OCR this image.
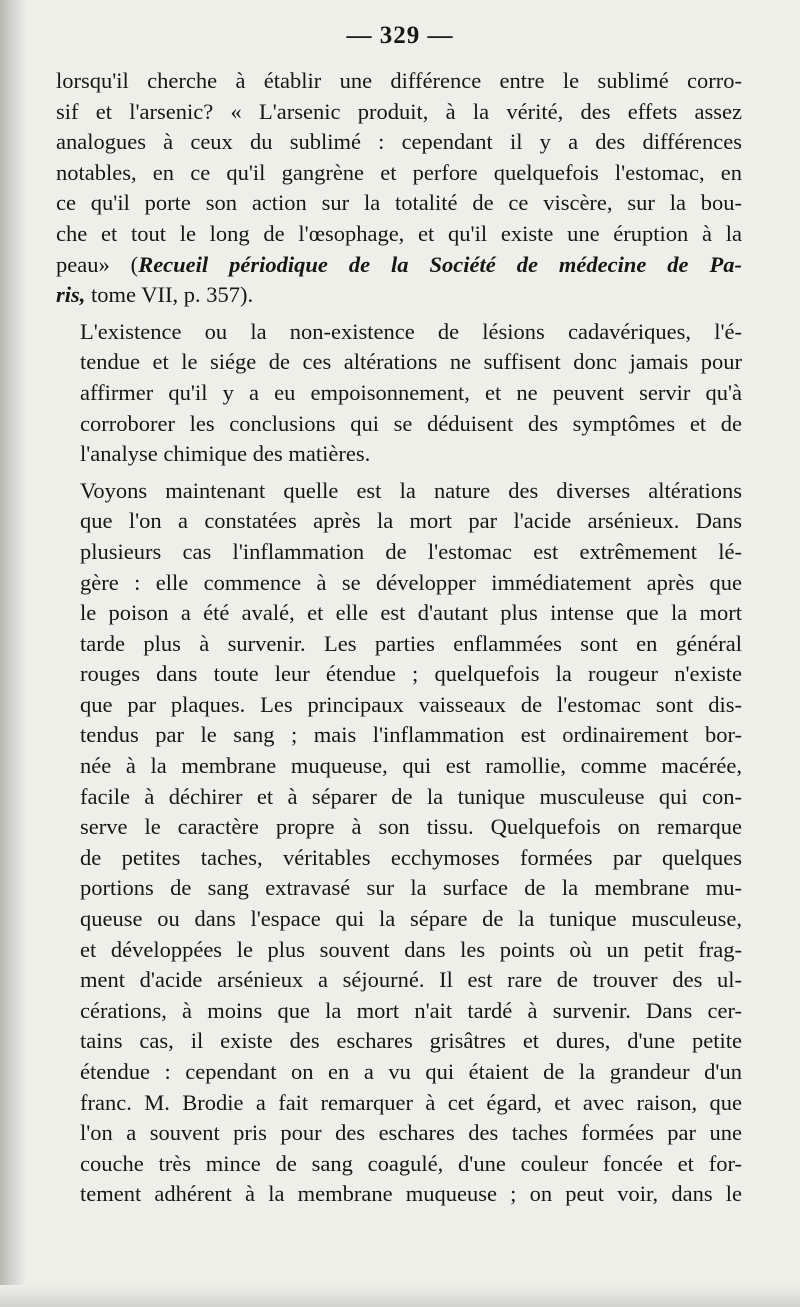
— 329 —
lorsqu'il cherche à établir une différence entre le sublimé corro-
sif et l'arsenic? « L'arsenic produit, à la vérité, des effets assez
analogues à ceux du sublimé : cependant il y a des différences
notables, en ce qu'il gangrène et perfore quelquefois l'estomac, en
ce qu'il porte son action sur la totalité de ce viscère, sur la bou-
che et tout le long de l'œsophage, et qu'il existe une éruption à la
peau» (Recueil périodique de la Société de médecine de Pa-
ris, tome VII, p. 357).
L'existence ou la non-existence de lésions cadavériques, l'é-
tendue et le siége de ces altérations ne suffisent donc jamais pour
affirmer qu'il y a eu empoisonnement, et ne peuvent servir qu'à
corroborer les conclusions qui se déduisent des symptômes et de
l'analyse chimique des matières.
Voyons maintenant quelle est la nature des diverses altérations
que l'on a constatées après la mort par l'acide arsénieux. Dans
plusieurs cas l'inflammation de l'estomac est extrêmement lé-
gère : elle commence à se développer immédiatement après que
le poison a été avalé, et elle est d'autant plus intense que la mort
tarde plus à survenir. Les parties enflammées sont en général
rouges dans toute leur étendue ; quelquefois la rougeur n'existe
que par plaques. Les principaux vaisseaux de l'estomac sont dis-
tendus par le sang ; mais l'inflammation est ordinairement bor-
née à la membrane muqueuse, qui est ramollie, comme macérée,
facile à déchirer et à séparer de la tunique musculeuse qui con-
serve le caractère propre à son tissu. Quelquefois on remarque
de petites taches, véritables ecchymoses formées par quelques
portions de sang extravasé sur la surface de la membrane mu-
queuse ou dans l'espace qui la sépare de la tunique musculeuse,
et développées le plus souvent dans les points où un petit frag-
ment d'acide arsénieux a séjourné. Il est rare de trouver des ul-
cérations, à moins que la mort n'ait tardé à survenir. Dans cer-
tains cas, il existe des eschares grisâtres et dures, d'une petite
étendue : cependant on en a vu qui étaient de la grandeur d'un
franc. M. Brodie a fait remarquer à cet égard, et avec raison, que
l'on a souvent pris pour des eschares des taches formées par une
couche très mince de sang coagulé, d'une couleur foncée et for-
tement adhérent à la membrane muqueuse ; on peut voir, dans le
